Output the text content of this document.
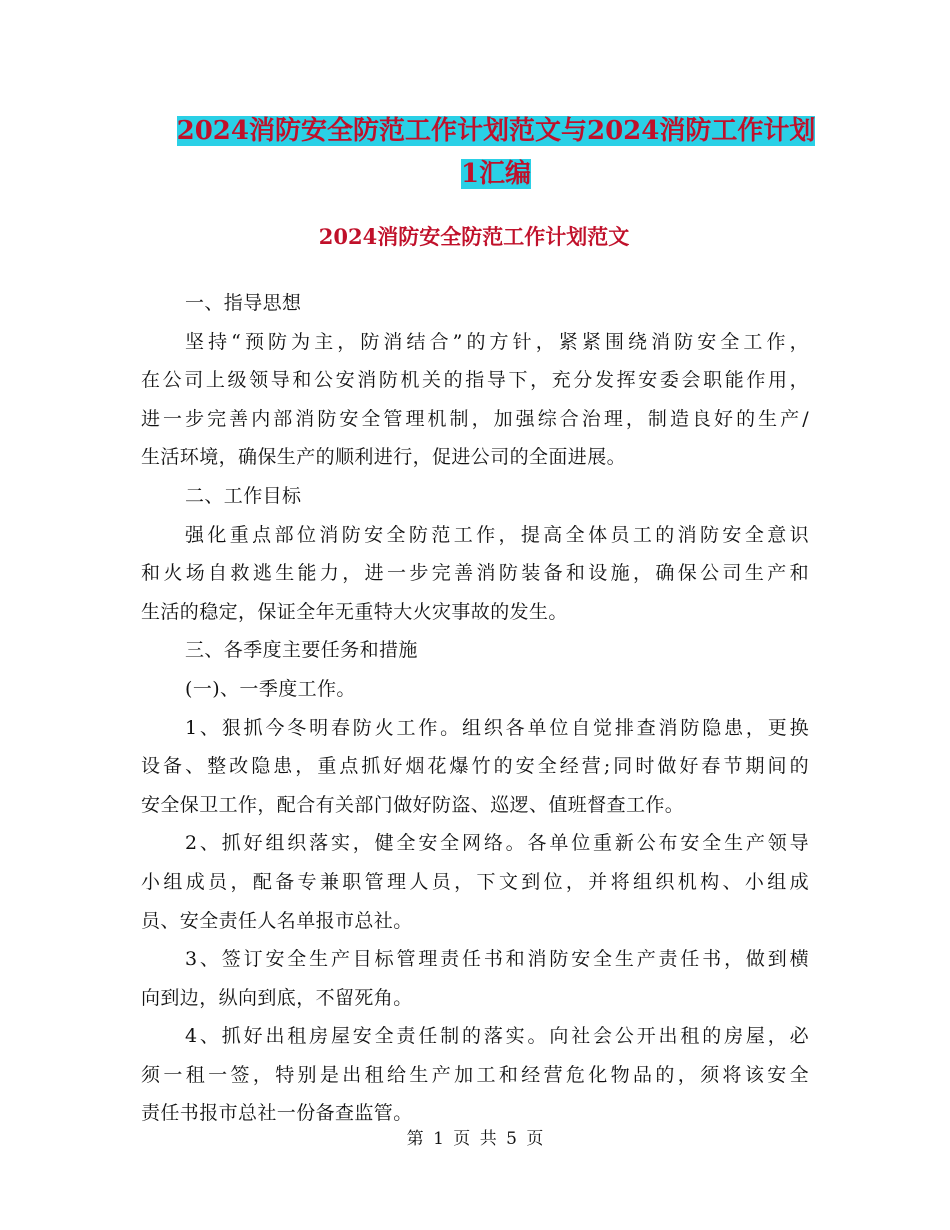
2024消防安全防范工作计划范文与2024消防工作计划
1汇编
2024消防安全防范工作计划范文
一、指导思想
坚持“预防为主，防消结合”的方针，紧紧围绕消防安全工作，
在公司上级领导和公安消防机关的指导下，充分发挥安委会职能作用，
进一步完善内部消防安全管理机制，加强综合治理，制造良好的生产/
生活环境，确保生产的顺利进行，促进公司的全面进展。
二、工作目标
强化重点部位消防安全防范工作，提高全体员工的消防安全意识
和火场自救逃生能力，进一步完善消防装备和设施，确保公司生产和
生活的稳定，保证全年无重特大火灾事故的发生。
三、各季度主要任务和措施
(一)、一季度工作。
1、狠抓今冬明春防火工作。组织各单位自觉排查消防隐患，更换
设备、整改隐患，重点抓好烟花爆竹的安全经营;同时做好春节期间的
安全保卫工作，配合有关部门做好防盗、巡逻、值班督查工作。
2、抓好组织落实，健全安全网络。各单位重新公布安全生产领导
小组成员，配备专兼职管理人员，下文到位，并将组织机构、小组成
员、安全责任人名单报市总社。
3、签订安全生产目标管理责任书和消防安全生产责任书，做到横
向到边，纵向到底，不留死角。
4、抓好出租房屋安全责任制的落实。向社会公开出租的房屋，必
须一租一签，特别是出租给生产加工和经营危化物品的，须将该安全
责任书报市总社一份备查监管。
第 1 页 共 5 页
